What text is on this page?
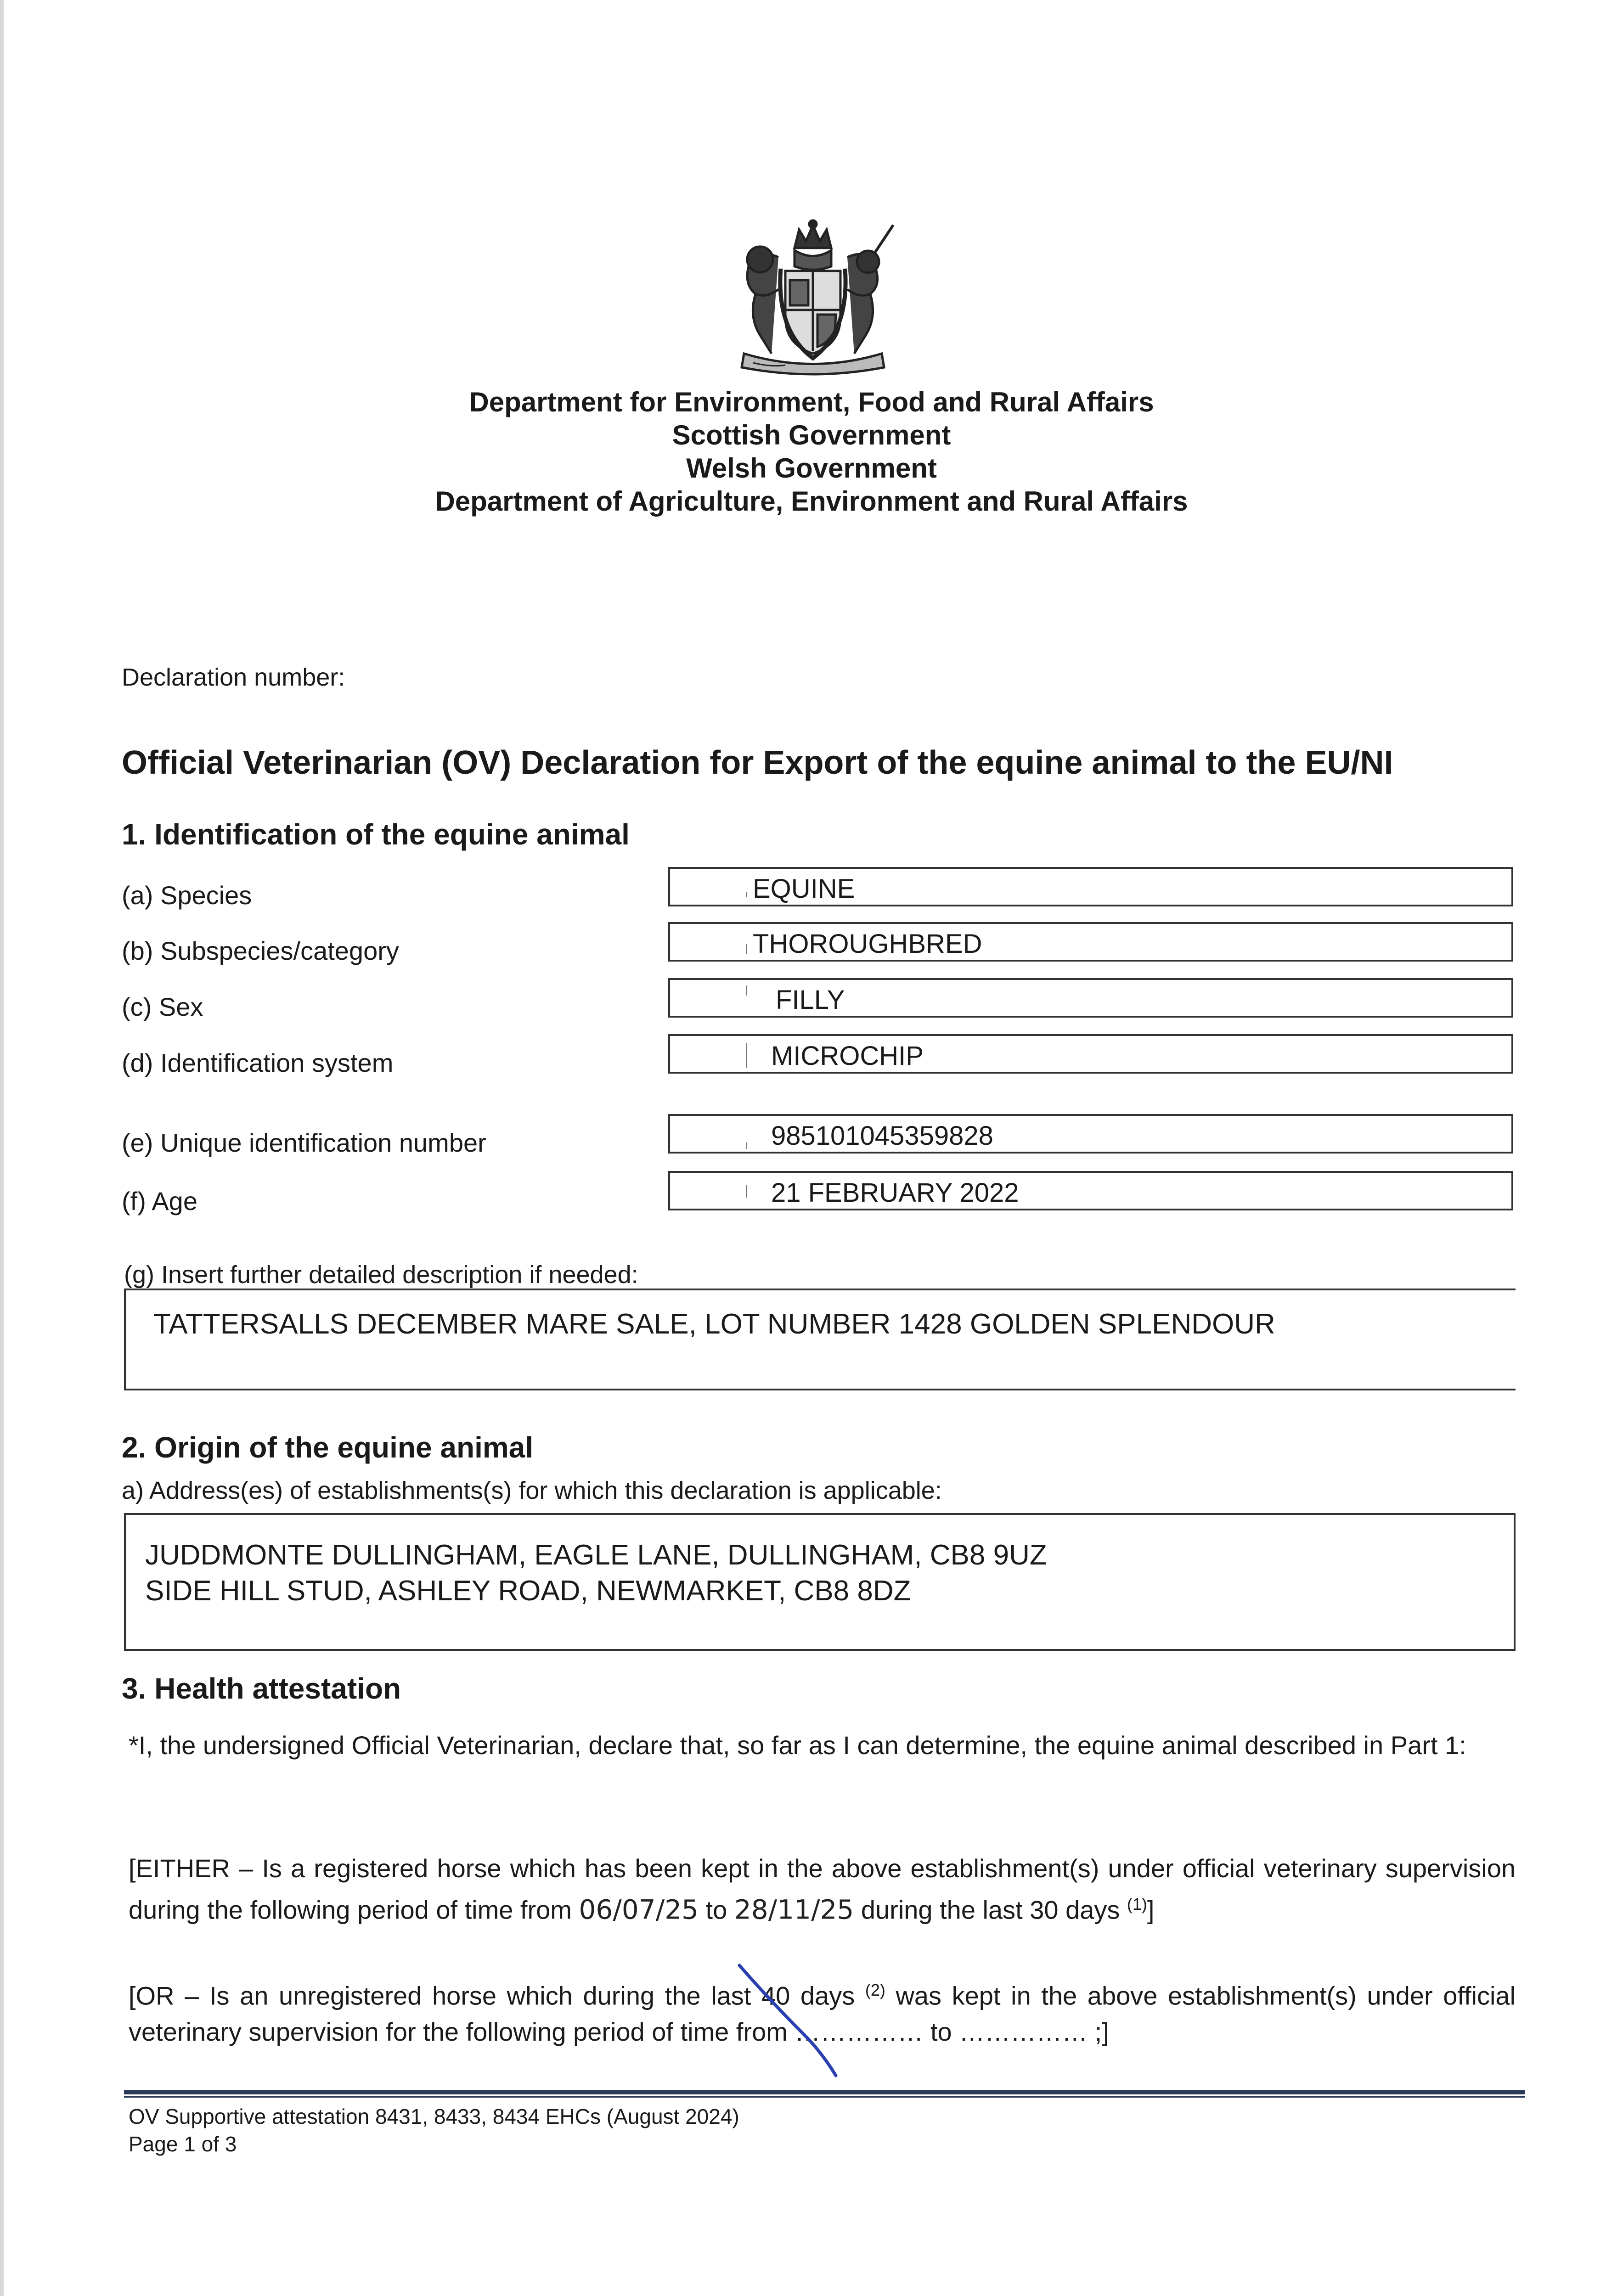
Department for Environment, Food and Rural Affairs
Scottish Government
Welsh Government
Department of Agriculture, Environment and Rural Affairs
Declaration number:
Official Veterinarian (OV) Declaration for Export of the equine animal to the EU/NI
1. Identification of the equine animal
(a) Species	EQUINE
(b) Subspecies/category	THOROUGHBRED
(c) Sex	FILLY
(d) Identification system	MICROCHIP
(e) Unique identification number	985101045359828
(f) Age	21 FEBRUARY 2022
(g) Insert further detailed description if needed:
TATTERSALLS DECEMBER MARE SALE, LOT NUMBER 1428 GOLDEN SPLENDOUR
2. Origin of the equine animal
a) Address(es) of establishments(s) for which this declaration is applicable:
JUDDMONTE DULLINGHAM, EAGLE LANE, DULLINGHAM, CB8 9UZ
SIDE HILL STUD, ASHLEY ROAD, NEWMARKET, CB8 8DZ
3. Health attestation
*I, the undersigned Official Veterinarian, declare that, so far as I can determine, the equine animal described in Part 1:
[EITHER – Is a registered horse which has been kept in the above establishment(s) under official veterinary supervision during the following period of time from 06/07/25 to 28/11/25 during the last 30 days $^{(1)}$]
[OR – Is an unregistered horse which during the last 40 days $^{(2)}$ was kept in the above establishment(s) under official veterinary supervision for the following period of time from …………… to …………… ;]
OV Supportive attestation 8431, 8433, 8434 EHCs (August 2024)
Page 1 of 3
